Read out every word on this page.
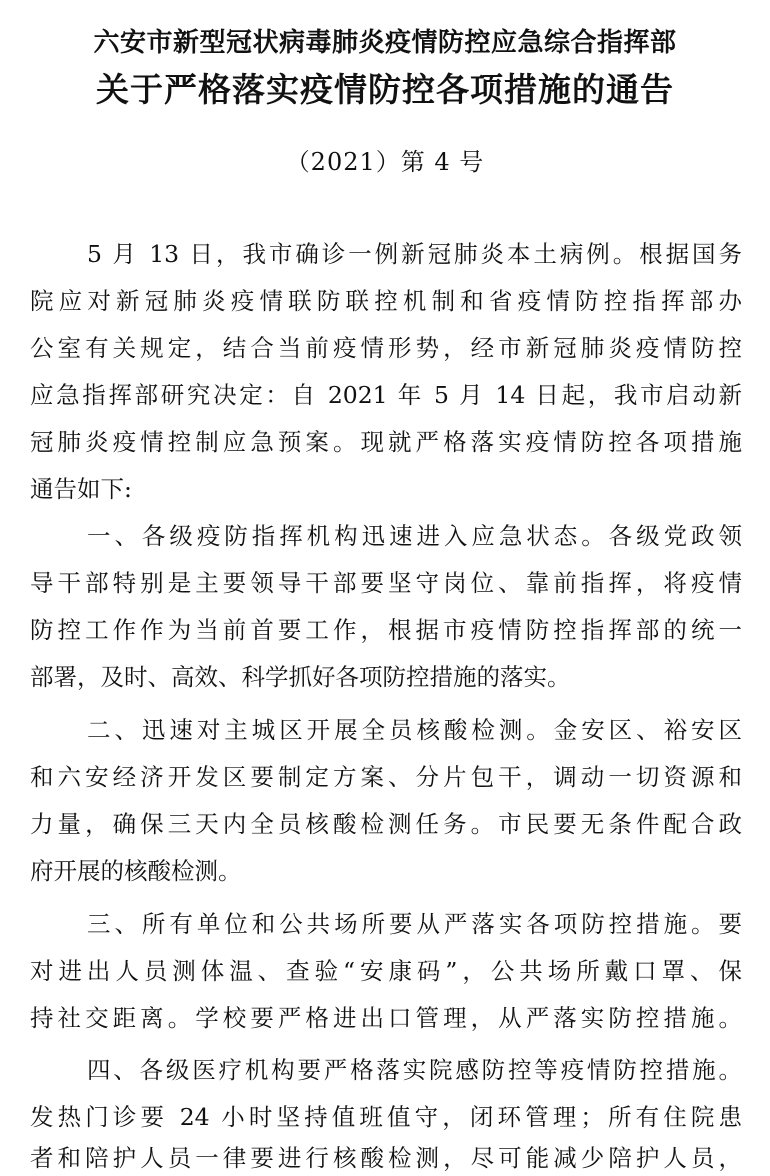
六安市新型冠状病毒肺炎疫情防控应急综合指挥部
关于严格落实疫情防控各项措施的通告
（2021）第 4 号
5 月 13 日，我市确诊一例新冠肺炎本土病例。根据国务
院应对新冠肺炎疫情联防联控机制和省疫情防控指挥部办
公室有关规定，结合当前疫情形势，经市新冠肺炎疫情防控
应急指挥部研究决定：自 2021 年 5 月 14 日起，我市启动新
冠肺炎疫情控制应急预案。现就严格落实疫情防控各项措施
通告如下:
一、各级疫防指挥机构迅速进入应急状态。各级党政领
导干部特别是主要领导干部要坚守岗位、靠前指挥，将疫情
防控工作作为当前首要工作，根据市疫情防控指挥部的统一
部署，及时、高效、科学抓好各项防控措施的落实。
二、迅速对主城区开展全员核酸检测。金安区、裕安区
和六安经济开发区要制定方案、分片包干，调动一切资源和
力量，确保三天内全员核酸检测任务。市民要无条件配合政
府开展的核酸检测。
三、所有单位和公共场所要从严落实各项防控措施。要
对进出人员测体温、查验“安康码”，公共场所戴口罩、保
持社交距离。学校要严格进出口管理，从严落实防控措施。
四、各级医疗机构要严格落实院感防控等疫情防控措施。
发热门诊要 24 小时坚持值班值守，闭环管理；所有住院患
者和陪护人员一律要进行核酸检测，尽可能减少陪护人员，
